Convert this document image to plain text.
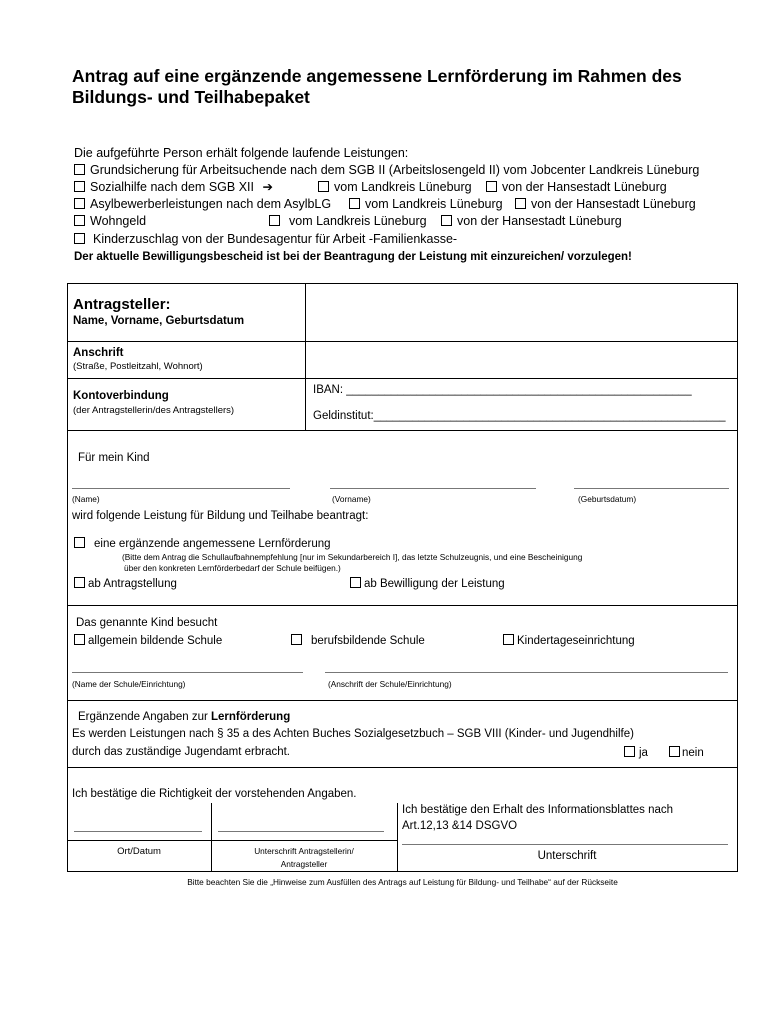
Antrag auf eine ergänzende angemessene Lernförderung im Rahmen des Bildungs- und Teilhabepaket
Die aufgeführte Person erhält folgende laufende Leistungen:
Grundsicherung für Arbeitsuchende nach dem SGB II (Arbeitslosengeld II) vom Jobcenter Landkreis Lüneburg
Sozialhilfe nach dem SGB XII ➔	vom Landkreis Lüneburg	von der Hansestadt Lüneburg
Asylbewerberleistungen nach dem AsylbLG	vom Landkreis Lüneburg	von der Hansestadt Lüneburg
Wohngeld	vom Landkreis Lüneburg	von der Hansestadt Lüneburg
Kinderzuschlag von der Bundesagentur für Arbeit -Familienkasse-
Der aktuelle Bewilligungsbescheid ist bei der Beantragung der Leistung mit einzureichen/ vorzulegen!
Antragsteller:
Name, Vorname, Geburtsdatum
Anschrift
(Straße, Postleitzahl, Wohnort)
Kontoverbindung
(der Antragstellerin/des Antragstellers)
IBAN: ______________________________________________________
Geldinstitut:_______________________________________________________
Für mein Kind
(Name)	(Vorname)	(Geburtsdatum)
wird folgende Leistung für Bildung und Teilhabe beantragt:
eine ergänzende angemessene Lernförderung
(Bitte dem Antrag die Schullaufbahnempfehlung [nur im Sekundarbereich I], das letzte Schulzeugnis, und eine Bescheinigung
über den konkreten Lernförderbedarf der Schule beifügen.)
ab Antragstellung	ab Bewilligung der Leistung
Das genannte Kind besucht
allgemein bildende Schule	berufsbildende Schule	Kindertageseinrichtung
(Name der Schule/Einrichtung)	(Anschrift der Schule/Einrichtung)
Ergänzende Angaben zur Lernförderung
Es werden Leistungen nach § 35 a des Achten Buches Sozialgesetzbuch – SGB VIII (Kinder- und Jugendhilfe)
durch das zuständige Jugendamt erbracht.	ja	nein
Ich bestätige die Richtigkeit der vorstehenden Angaben.
Ich bestätige den Erhalt des Informationsblattes nach
Art.12,13 &14 DSGVO
Ort/Datum	Unterschrift Antragstellerin/
Antragsteller
Unterschrift
Bitte beachten Sie die „Hinweise zum Ausfüllen des Antrags auf Leistung für Bildung- und Teilhabe“ auf der Rückseite
